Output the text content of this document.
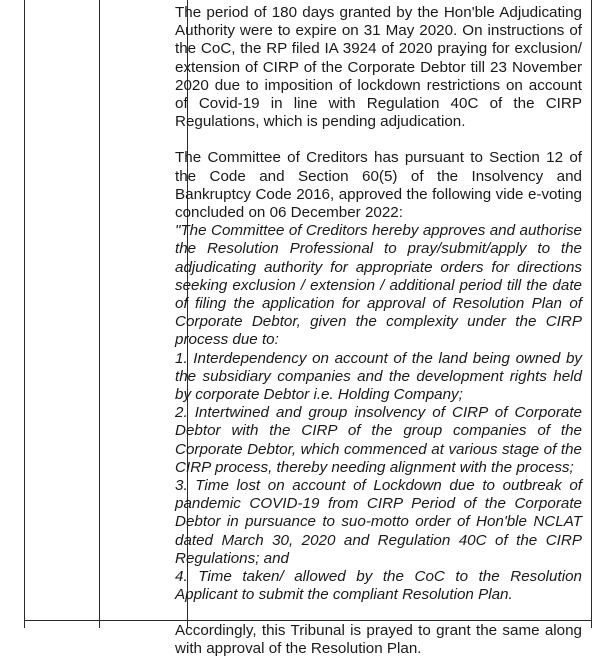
The period of 180 days granted by the Hon'ble Adjudicating Authority were to expire on 31 May 2020. On instructions of the CoC, the RP filed IA 3924 of 2020 praying for exclusion/ extension of CIRP of the Corporate Debtor till 23 November 2020 due to imposition of lockdown restrictions on account of Covid-19 in line with Regulation 40C of the CIRP Regulations, which is pending adjudication.

The Committee of Creditors has pursuant to Section 12 of the Code and Section 60(5) of the Insolvency and Bankruptcy Code 2016, approved the following vide e-voting concluded on 06 December 2022:

"The Committee of Creditors hereby approves and authorise the Resolution Professional to pray/submit/apply to the adjudicating authority for appropriate orders for directions seeking exclusion / extension / additional period till the date of filing the application for approval of Resolution Plan of Corporate Debtor, given the complexity under the CIRP process due to:

1. Interdependency on account of the land being owned by the subsidiary companies and the development rights held by corporate Debtor i.e. Holding Company;

2. Intertwined and group insolvency of CIRP of Corporate Debtor with the CIRP of the group companies of the Corporate Debtor, which commenced at various stage of the CIRP process, thereby needing alignment with the process;

3. Time lost on account of Lockdown due to outbreak of pandemic COVID-19 from CIRP Period of the Corporate Debtor in pursuance to suo-motto order of Hon'ble NCLAT dated March 30, 2020 and Regulation 40C of the CIRP Regulations; and

4. Time taken/ allowed by the CoC to the Resolution Applicant to submit the compliant Resolution Plan.

Accordingly, this Tribunal is prayed to grant the same along with approval of the Resolution Plan.
